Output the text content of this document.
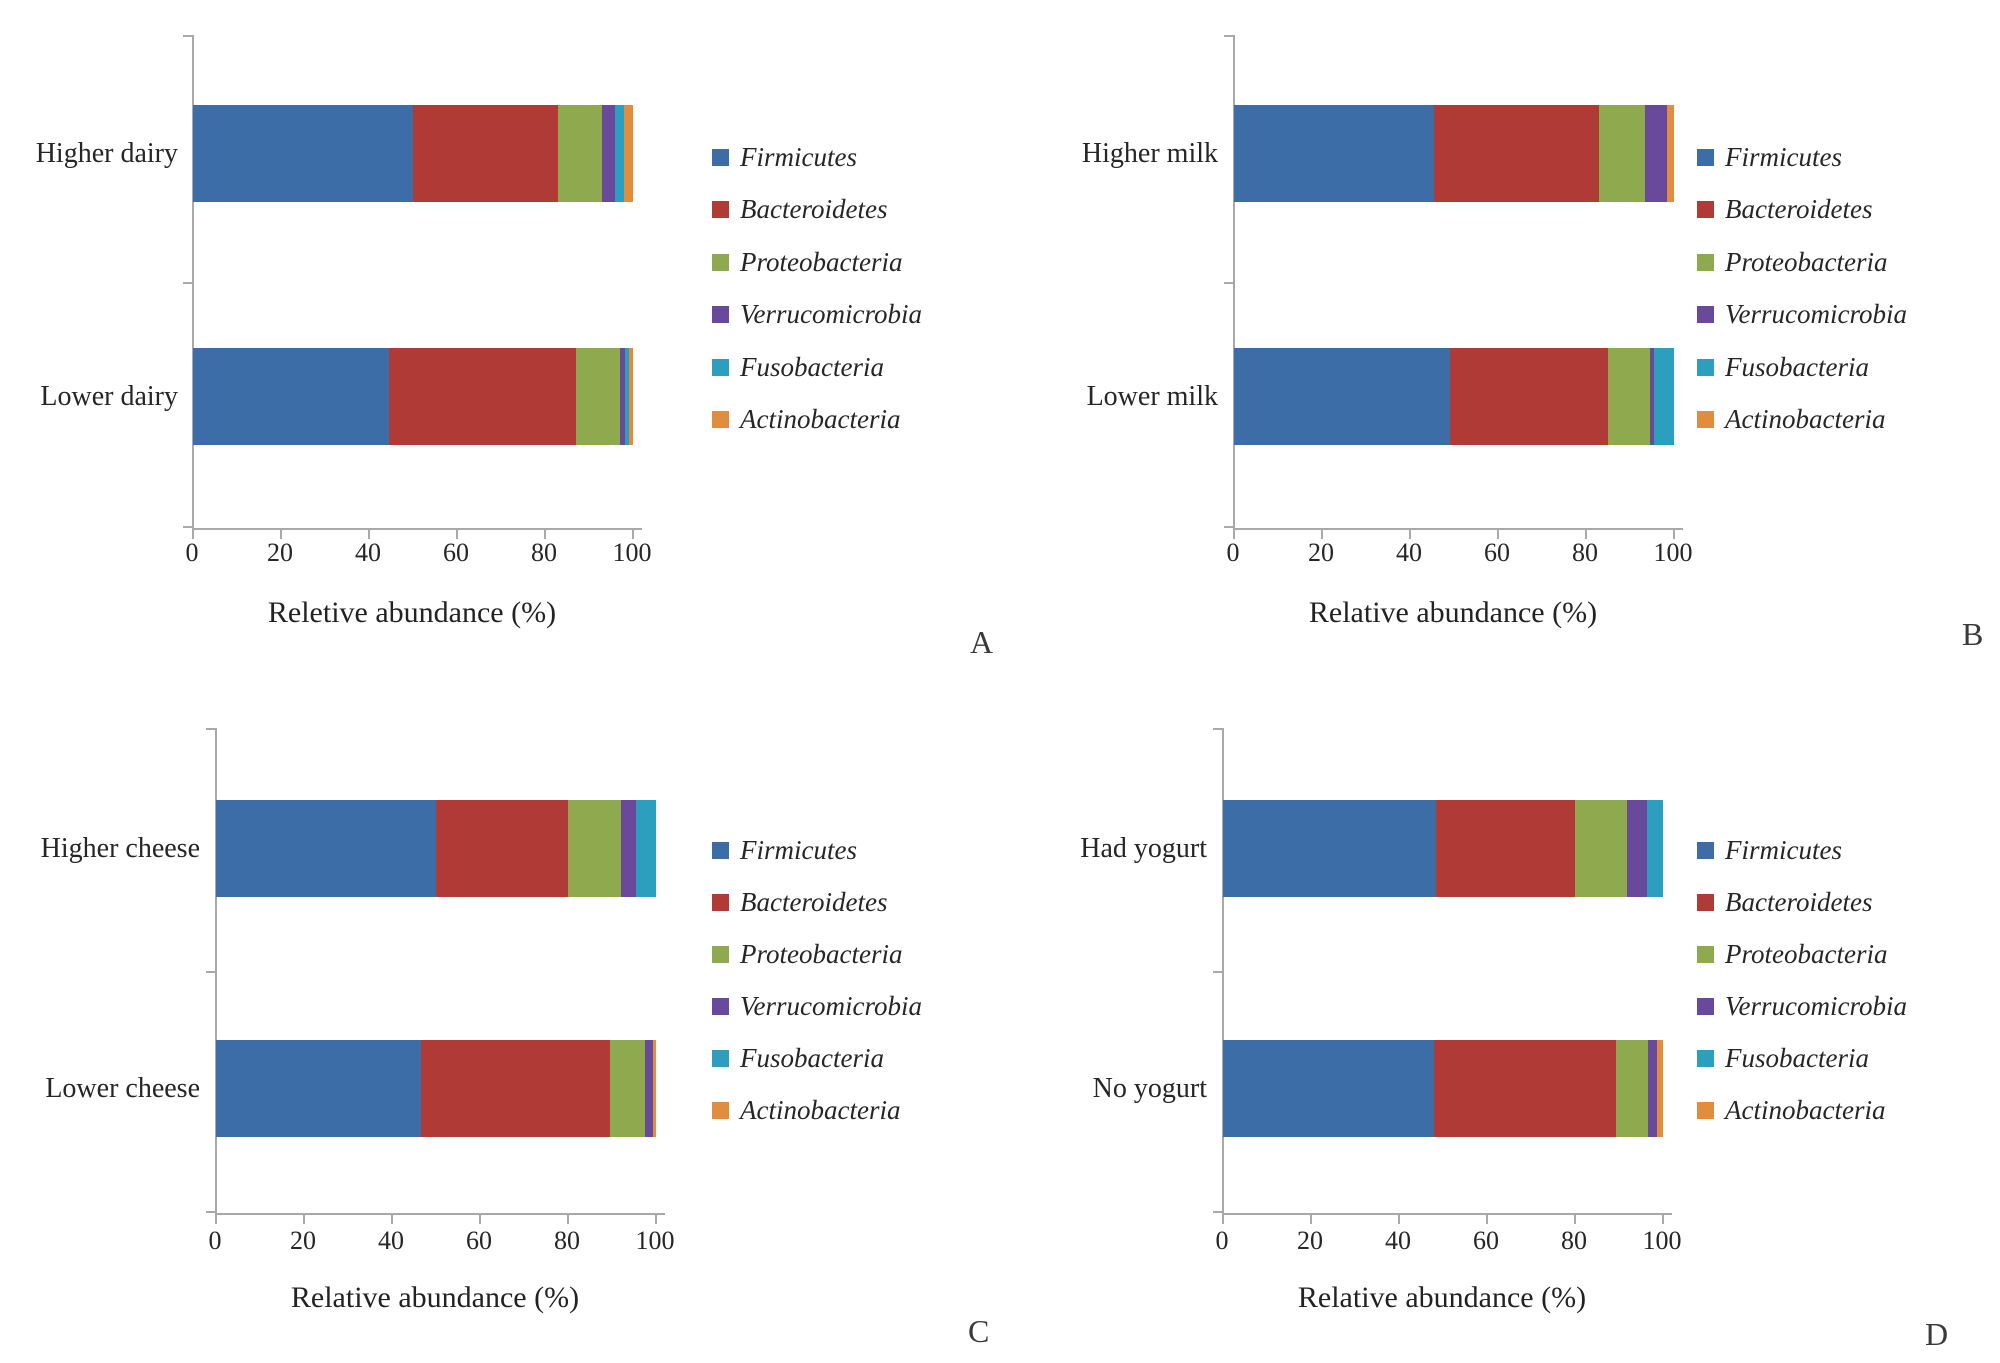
0	20 40 60 80 100
Higher dairy
Lower dairy
Firmicutes
Bacteroidetes
Proteobacteria
Verrucomicrobia
Fusobacteria
Actinobacteria
Reletive abundance (%)
A
0	20 40 60 80 100
Higher milk
Lower milk
Firmicutes
Bacteroidetes
Proteobacteria
Verrucomicrobia
Fusobacteria
Actinobacteria
Relative abundance (%)
B
0	20 40 60 80 100
Higher cheese
Lower cheese
Firmicutes
Bacteroidetes
Proteobacteria
Verrucomicrobia
Fusobacteria
Actinobacteria
Relative abundance (%)
C
0	20 40 60 80 100
Had yogurt
No yogurt
Firmicutes
Bacteroidetes
Proteobacteria
Verrucomicrobia
Fusobacteria
Actinobacteria
Relative abundance (%)
D
